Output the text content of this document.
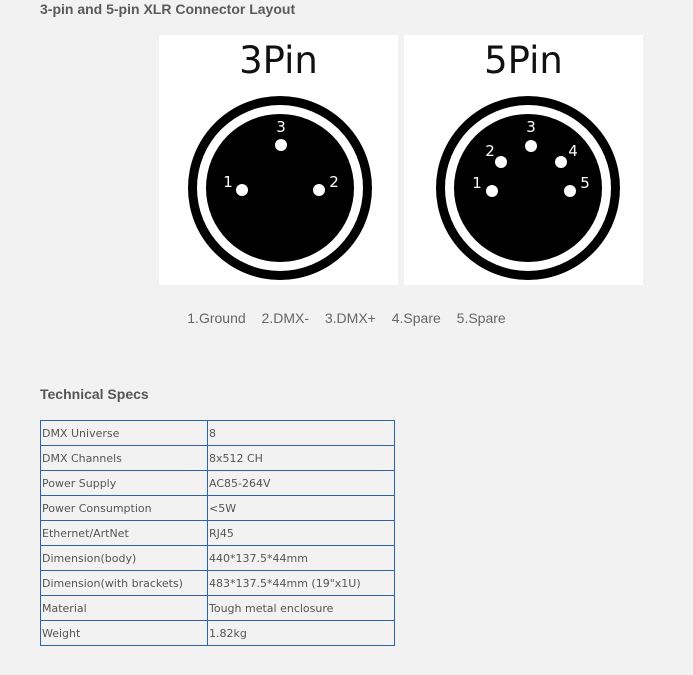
3-pin and 5-pin XLR Connector Layout
3Pin
1	2
3
5Pin
1
2
3
4
5
1.Ground 2.DMX- 3.DMX+ 4.Spare 5.Spare
Technical Specs
DMX Universe	8
DMX Channels	8x512 CH
Power Supply	AC85-264V
Power Consumption	<5W
Ethernet/ArtNet	RJ45
Dimension(body)	440*137.5*44mm
Dimension(with brackets)	483*137.5*44mm (19"x1U)
Material	Tough metal enclosure
Weight	1.82kg
